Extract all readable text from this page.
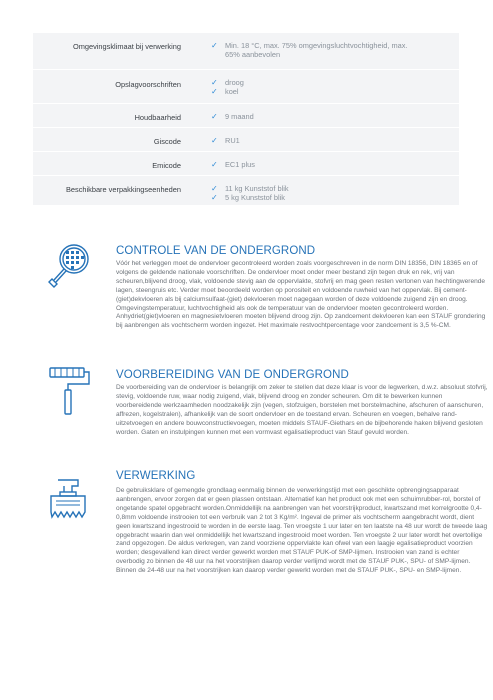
Omgevingsklimaat bij verwerking	✓ Min. 18 °C, max. 75% omgevingsluchtvochtigheid, max. 65% aanbevolen
Opslagvoorschriften	✓ droog
✓ koel
Houdbaarheid	✓ 9 maand
Giscode	✓ RU1
Emicode	✓ EC1 plus
Beschikbare verpakkingseenheden	✓ 11 kg Kunststof blik
✓ 5 kg Kunststof blik
CONTROLE VAN DE ONDERGROND
Vóór het verleggen moet de ondervloer gecontroleerd worden zoals voorgeschreven in de norm DIN 18356, DIN 18365 en of volgens de geldende nationale voorschriften. De ondervloer moet onder meer bestand zijn tegen druk en rek, vrij van scheuren,blijvend droog, vlak, voldoende stevig aan de oppervlakte, stofvrij en mag geen resten vertonen van hechtingwerende lagen, steengruis etc. Verder moet beoordeeld worden op porositeit en voldoende ruwheid van het oppervlak. Bij cement-(giet)dekvloeren als bij calciumsulfaat-(giet) dekvloeren moet nagegaan worden of deze voldoende zuigend zijn en droog. Omgevingstemperatuur, luchtvochtigheid als ook de temperatuur van de ondervloer moeten gecontroleerd worden. Anhydriet(giet)vloeren en magnesietvloeren moeten blijvend droog zijn. Op zandcement dekvloeren kan een STAUF grondering bij aanbrengen als vochtscherm worden ingezet. Het maximale restvochtpercentage voor zandcement is 3,5 %-CM.
VOORBEREIDING VAN DE ONDERGROND
De voorbereiding van de ondervloer is belangrijk om zeker te stellen dat deze klaar is voor de legwerken, d.w.z. absoluut stofvrij, stevig, voldoende ruw, waar nodig zuigend, vlak, blijvend droog en zonder scheuren. Om dit te bewerken kunnen voorbereidende werkzaamheden noodzakelijk zijn (vegen, stofzuigen, borstelen met borstelmachine, afschuren of aanschuren, affrezen, kogelstralen), afhankelijk van de soort ondervloer en de toestand ervan. Scheuren en voegen, behalve rand-uitzetvoegen en andere bouwconstructievoegen, moeten middels STAUF-Giethars en de bijbehorende haken blijvend gesloten worden. Gaten en instulpingen kunnen met een vormvast egalisatieproduct van Stauf gevuld worden.
VERWERKING
De gebruiksklare of gemengde grondlaag eenmalig binnen de verwerkingstijd met een geschikte opbrengingsapparaat aanbrengen, ervoor zorgen dat er geen plassen ontstaan. Alternatief kan het product ook met een schuimrubber-rol, borstel of ongetande spatel opgebracht worden.Onmiddellijk na aanbrengen van het voorstrijkproduct, kwartszand met korrelgrootte 0,4-0,8mm voldoende instrooien tot een verbruik van 2 tot 3 Kg/m². Ingeval de primer als vochtscherm aangebracht wordt, dient geen kwartszand ingestrooid te worden in de eerste laag. Ten vroegste 1 uur later en ten laatste na 48 uur wordt de tweede laag opgebracht waarin dan wel onmiddellijk het kwartszand ingestrooid moet worden. Ten vroegste 2 uur later wordt het overtollige zand opgezogen. De aldus verkregen, van zand voorziene oppervlakte kan ofwel van een laagje egalisatieproduct voorzien worden; desgevallend kan direct verder gewerkt worden met STAUF PUK-of SMP-lijmen. Instrooien van zand is echter overbodig zo binnen de 48 uur na het voorstrijken daarop verder verlijmd wordt met de STAUF PUK-, SPU- of SMP-lijmen. Binnen de 24-48 uur na het voorstrijken kan daarop verder gewerkt worden met de STAUF PUK-, SPU- en SMP-lijmen.
